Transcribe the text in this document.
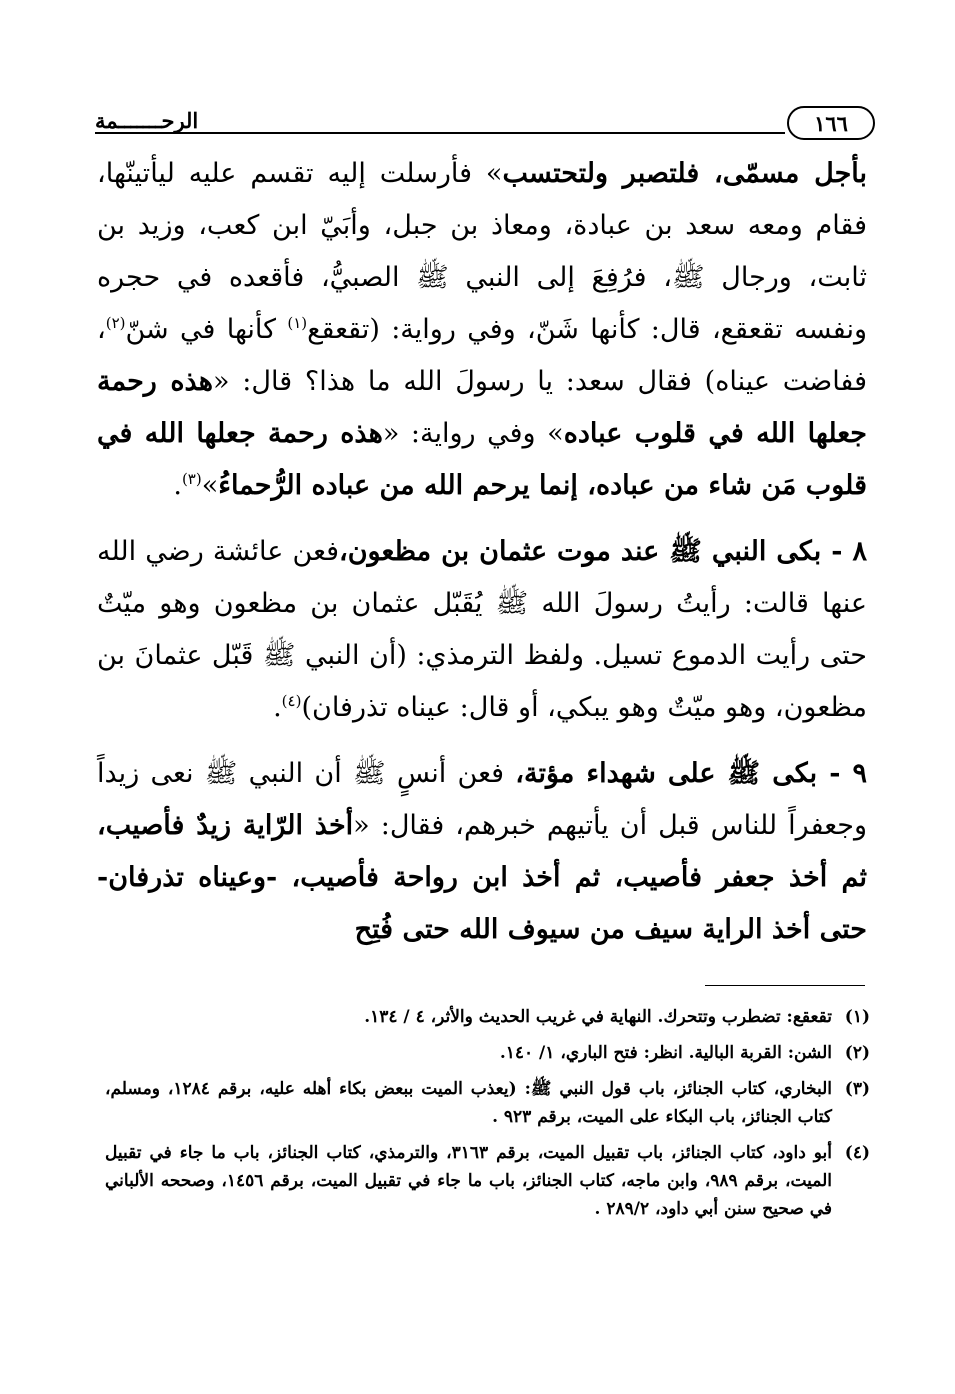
الرحـــــــمة	١٦٦

بأجل مسمّى، فلتصبر ولتحتسب» فأرسلت إليه تقسم عليه ليأتينّها، فقام ومعه سعد بن عبادة، ومعاذ بن جبل، وأبَيّ ابن كعب، وزيد بن ثابت، ورجال ﷺ، فرُفِعَ إلى النبي ﷺ الصبيُّ، فأقعده في حجره ونفسه تقعقع، قال: كأنها شَنّ، وفي رواية: (تقعقع$^{(١)}$ كأنها في شنّ$^{(٢)}$، ففاضت عيناه) فقال سعد: يا رسولَ الله ما هذا؟ قال: «هذه رحمة جعلها الله في قلوب عباده» وفي رواية: «هذه رحمة جعلها الله في قلوب مَن شاء من عباده، إنما يرحم الله من عباده الرُّحماءُ»$^{(٣)}$.

٨ - بكى النبي ﷺ عند موت عثمان بن مظعون،فعن عائشة رضي الله عنها قالت: رأيتُ رسولَ الله ﷺ يُقَبّل عثمان بن مظعون وهو ميّتٌ حتى رأيت الدموع تسيل. ولفظ الترمذي: (أن النبي ﷺ قَبّل عثمانَ بن مظعون، وهو ميّتٌ وهو يبكي، أو قال: عيناه تذرفان)$^{(٤)}$.

٩ - بكى ﷺ على شهداء مؤتة، فعن أنسٍ ﷺ أن النبي ﷺ نعى زيداً وجعفراً للناس قبل أن يأتيهم خبرهم، فقال: «أخذ الرّاية زيدٌ فأصيب، ثم أخذ جعفر فأصيب، ثم أخذ ابن رواحة فأصيب، -وعيناه تذرفان- حتى أخذ الراية سيف من سيوف الله حتى فُتِح

(١)
تقعقع: تضطرب وتتحرك. النهاية في غريب الحديث والأثر، ٤ / ١٣٤.
(٢)
الشن: القربة البالية. انظر: فتح الباري، ١/ ١٤٠.
(٣)
البخاري، كتاب الجنائز، باب قول النبي ﷺ: (يعذب الميت ببعض بكاء أهله عليه، برقم ١٢٨٤، ومسلم، كتاب الجنائز، باب البكاء على الميت، برقم ٩٢٣ .
(٤)
أبو داود، كتاب الجنائز، باب تقبيل الميت، برقم ٣١٦٣، والترمذي، كتاب الجنائز، باب ما جاء في تقبيل الميت، برقم ٩٨٩، وابن ماجه، كتاب الجنائز، باب ما جاء في تقبيل الميت، برقم ١٤٥٦، وصححه الألباني في صحيح سنن أبي داود، ٢٨٩/٢ .
